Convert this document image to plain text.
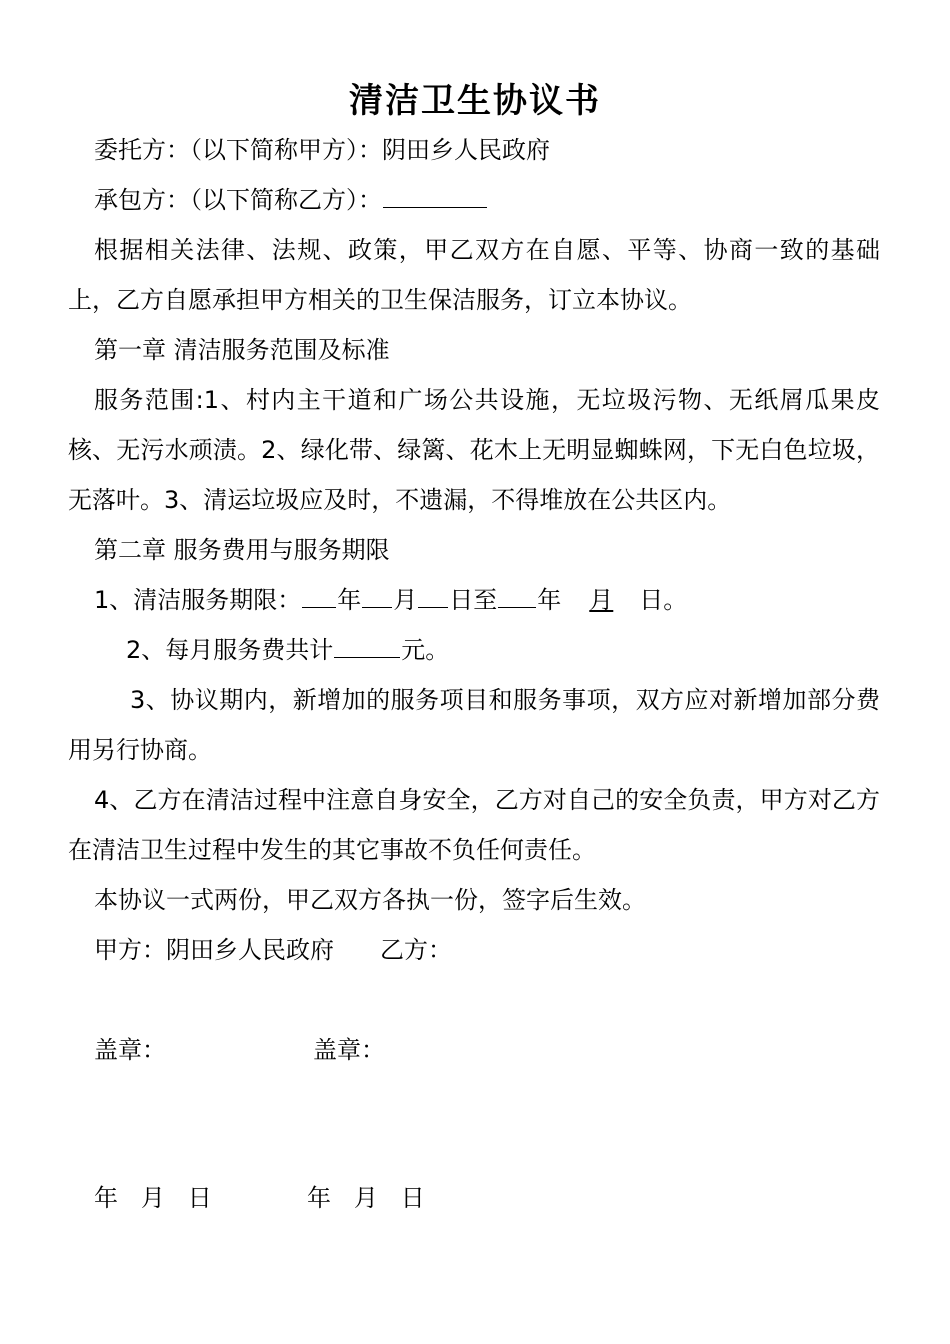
清洁卫生协议书
委托方：（以下简称甲方）：阴田乡人民政府
承包方：（以下简称乙方）：
根据相关法律、法规、政策，甲乙双方在自愿、平等、协商一致的基础上，乙方自愿承担甲方相关的卫生保洁服务，订立本协议。
第一章 清洁服务范围及标准
服务范围:1、村内主干道和广场公共设施，无垃圾污物、无纸屑瓜果皮核、无污水顽渍。2、绿化带、绿篱、花木上无明显蜘蛛网，下无白色垃圾，无落叶。3、清运垃圾应及时，不遗漏，不得堆放在公共区内。
第二章 服务费用与服务期限
1、清洁服务期限： 年 月 日至 年 月 日。
2、每月服务费共计	元。
3、协议期内，新增加的服务项目和服务事项，双方应对新增加部分费用另行协商。
4、乙方在清洁过程中注意自身安全，乙方对自己的安全负责，甲方对乙方在清洁卫生过程中发生的其它事故不负任何责任。
本协议一式两份，甲乙双方各执一份，签字后生效。
甲方：阴田乡人民政府	乙方：
盖章：	盖章：
年   月   日	年   月   日
